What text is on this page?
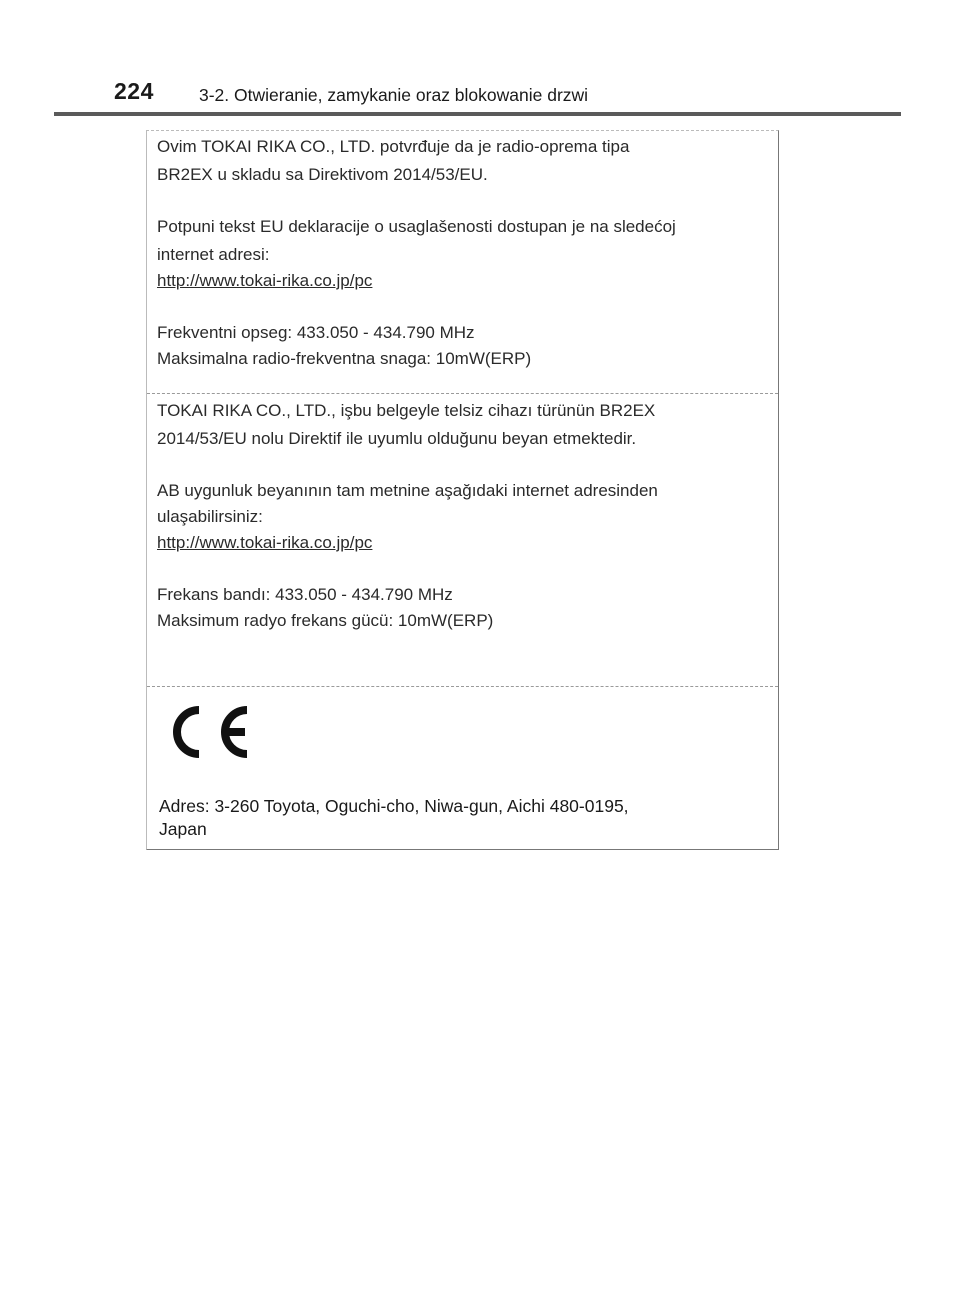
224	3-2. Otwieranie, zamykanie oraz blokowanie drzwi
Ovim TOKAI RIKA CO., LTD. potvrđuje da je radio-oprema tipa
BR2EX u skladu sa Direktivom 2014/53/EU.
Potpuni tekst EU deklaracije o usaglašenosti dostupan je na sledećoj
internet adresi:
http://www.tokai-rika.co.jp/pc
Frekventni opseg: 433.050 - 434.790 MHz
Maksimalna radio-frekventna snaga: 10mW(ERP)
TOKAI RIKA CO., LTD., işbu belgeyle telsiz cihazı türünün BR2EX
2014/53/EU nolu Direktif ile uyumlu olduğunu beyan etmektedir.
AB uygunluk beyanının tam metnine aşağıdaki internet adresinden
ulaşabilirsiniz:
http://www.tokai-rika.co.jp/pc
Frekans bandı: 433.050 - 434.790 MHz
Maksimum radyo frekans gücü: 10mW(ERP)
Adres: 3-260 Toyota, Oguchi-cho, Niwa-gun, Aichi 480-0195,
Japan
